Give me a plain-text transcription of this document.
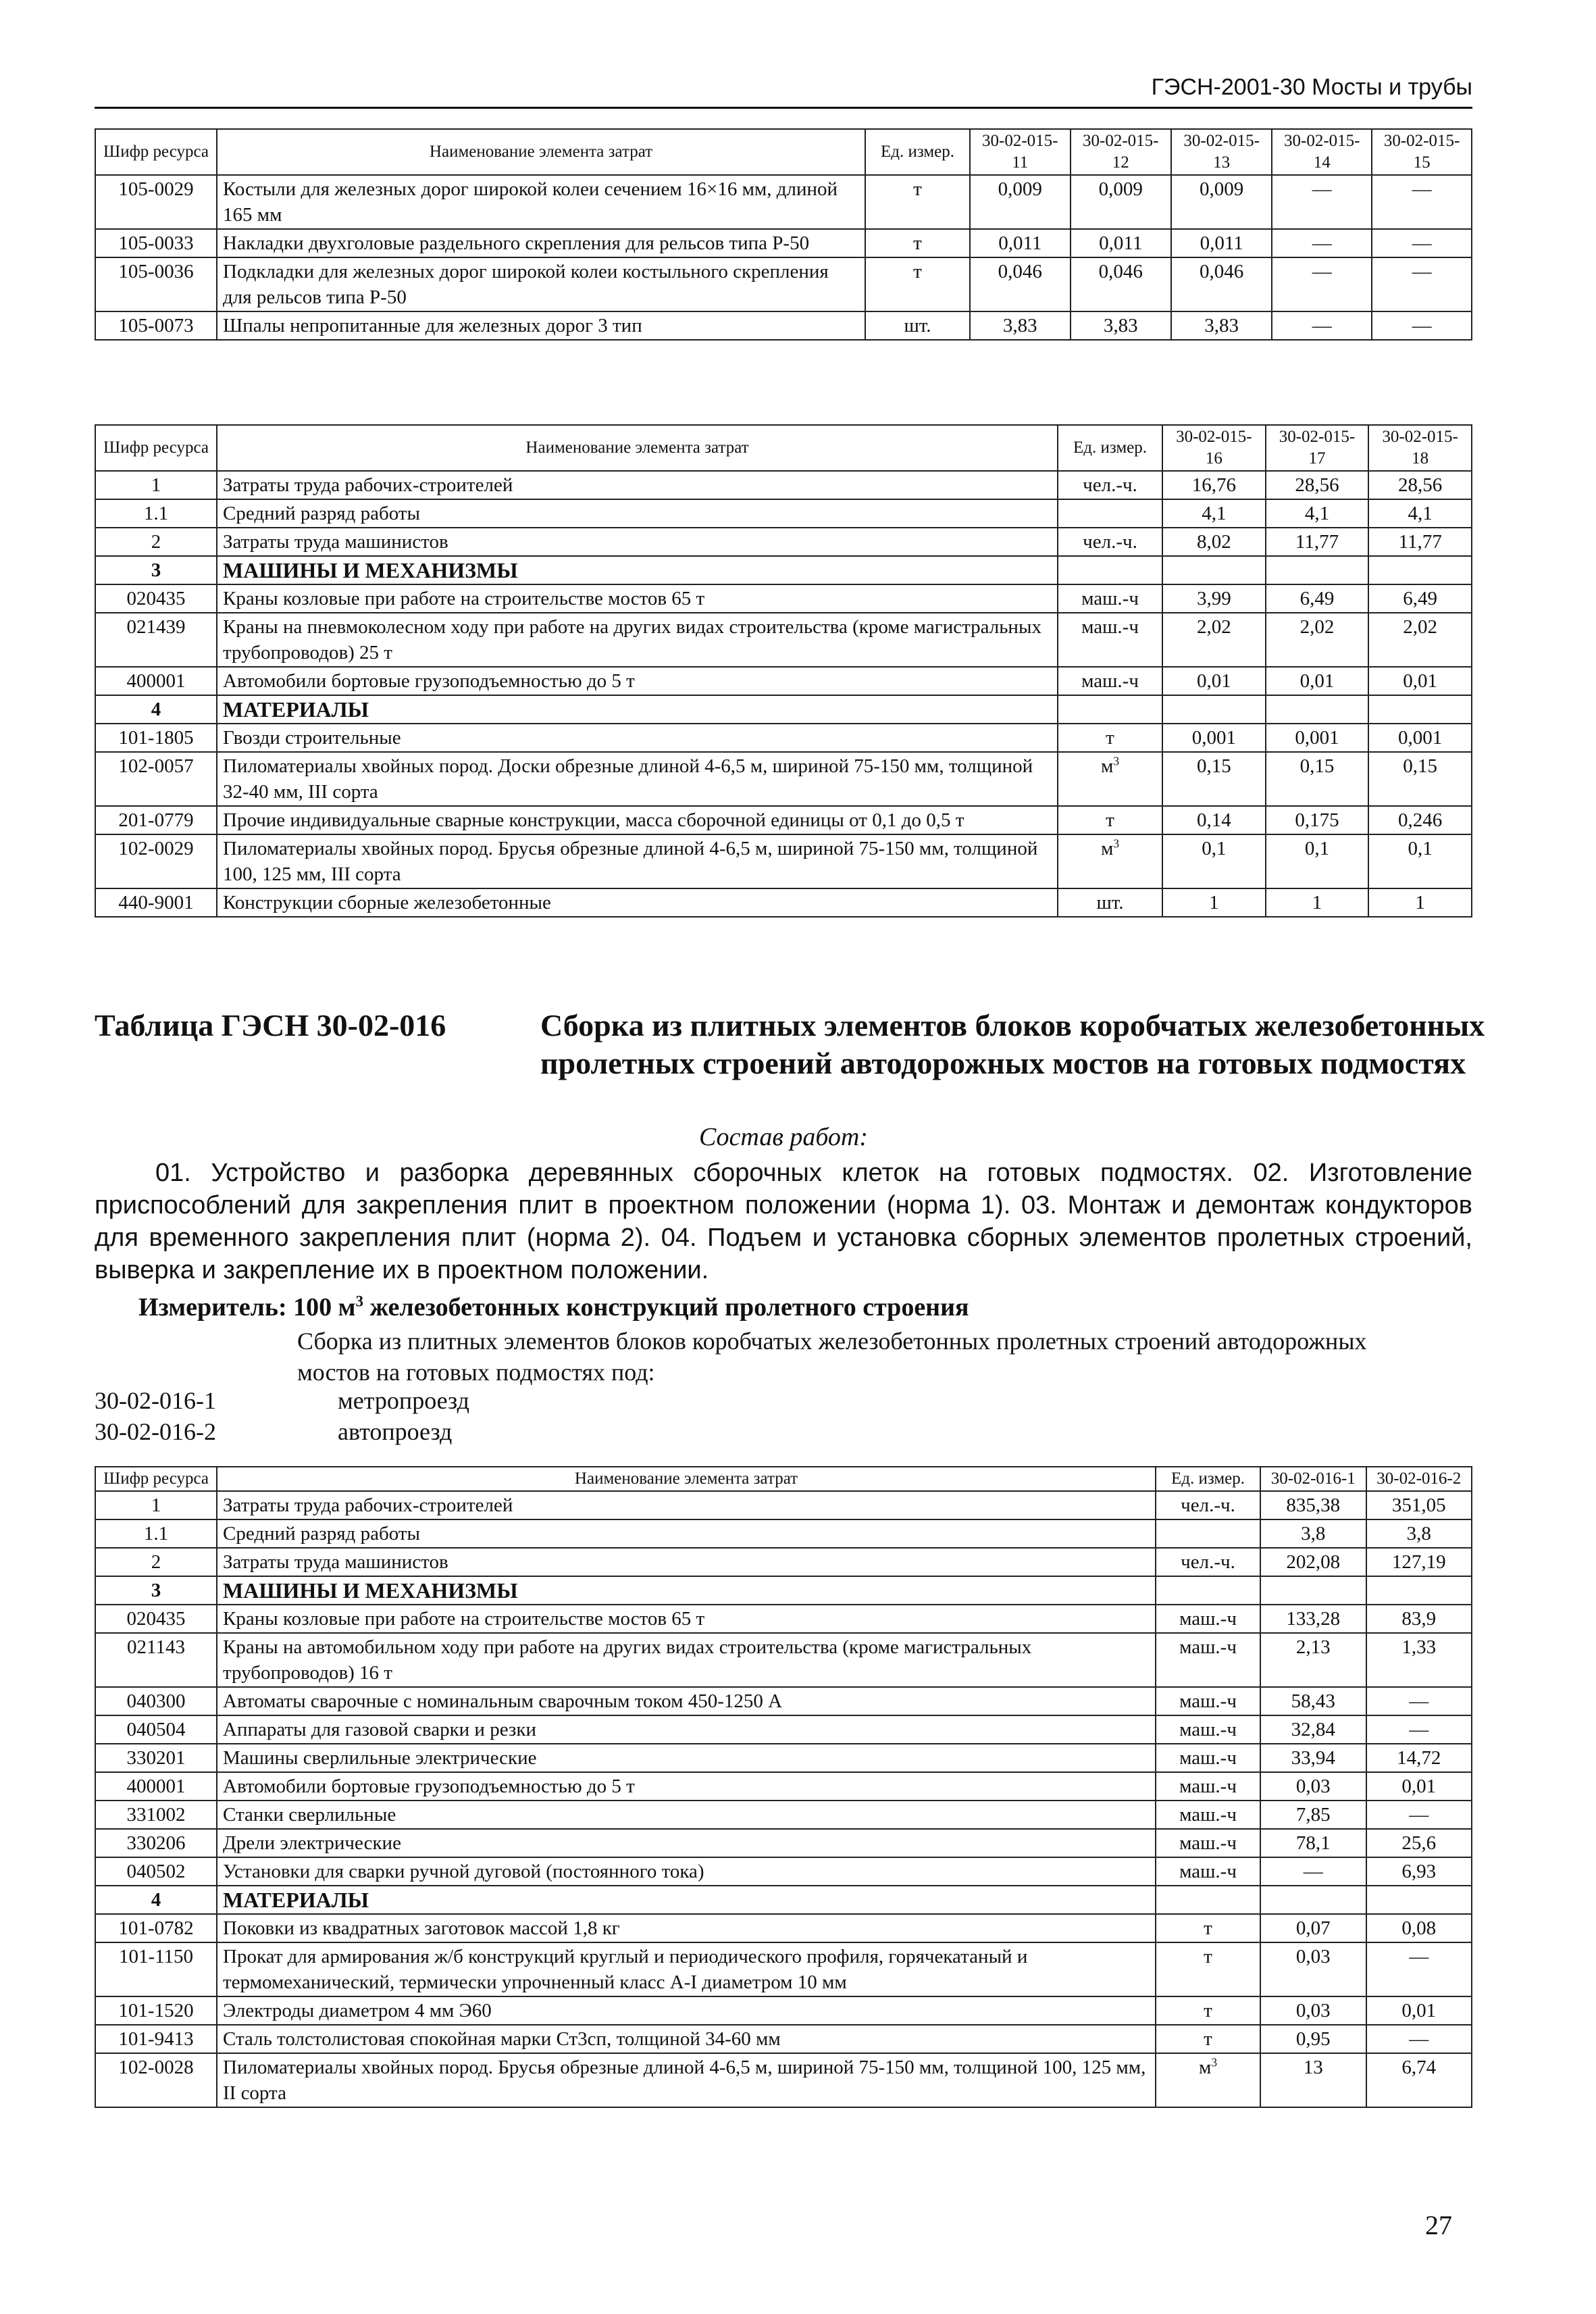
ГЭСН-2001-30 Мосты и трубы
Шифр ресурса	Наименование элемента затрат	Ед. измер.	30-02-015-11	30-02-015-12	30-02-015-13	30-02-015-14	30-02-015-15
105-0029	Костыли для железных дорог широкой колеи сечением 16×16 мм, длиной 165 мм	т	0,009	0,009	0,009	—	—
105-0033	Накладки двухголовые раздельного скрепления для рельсов типа Р-50	т	0,011	0,011	0,011	—	—
105-0036	Подкладки для железных дорог широкой колеи костыльного скрепления для рельсов типа Р-50	т	0,046	0,046	0,046	—	—
105-0073	Шпалы непропитанные для железных дорог 3 тип	шт.	3,83	3,83	3,83	—	—
Шифр ресурса	Наименование элемента затрат	Ед. измер.	30-02-015-16	30-02-015-17	30-02-015-18
1	Затраты труда рабочих-строителей	чел.-ч.	16,76	28,56	28,56
1.1	Средний разряд работы		4,1	4,1	4,1
2	Затраты труда машинистов	чел.-ч.	8,02	11,77	11,77
3	МАШИНЫ И МЕХАНИЗМЫ				
020435	Краны козловые при работе на строительстве мостов 65 т	маш.-ч	3,99	6,49	6,49
021439	Краны на пневмоколесном ходу при работе на других видах строительства (кроме магистральных трубопроводов) 25 т	маш.-ч	2,02	2,02	2,02
400001	Автомобили бортовые грузоподъемностью до 5 т	маш.-ч	0,01	0,01	0,01
4	МАТЕРИАЛЫ				
101-1805	Гвозди строительные	т	0,001	0,001	0,001
102-0057	Пиломатериалы хвойных пород. Доски обрезные длиной 4-6,5 м, шириной 75-150 мм, толщиной 32-40 мм, III сорта	$м^3$	0,15	0,15	0,15
201-0779	Прочие индивидуальные сварные конструкции, масса сборочной единицы от 0,1 до 0,5 т	т	0,14	0,175	0,246
102-0029	Пиломатериалы хвойных пород. Брусья обрезные длиной 4-6,5 м, шириной 75-150 мм, толщиной 100, 125 мм, III сорта	$м^3$	0,1	0,1	0,1
440-9001	Конструкции сборные железобетонные	шт.	1	1	1
Таблица ГЭСН 30-02-016	Сборка из плитных элементов блоков коробчатых железобетонных пролетных строений автодорожных мостов на готовых подмостях
Состав работ:
01. Устройство и разборка деревянных сборочных клеток на готовых подмостях. 02. Изготовление приспособлений для закрепления плит в проектном положении (норма 1). 03. Монтаж и демонтаж кондукторов для временного закрепления плит (норма 2). 04. Подъем и установка сборных элементов пролетных строений, выверка и закрепление их в проектном положении.
Измеритель: 100 $м^3$ железобетонных конструкций пролетного строения
Сборка из плитных элементов блоков коробчатых железобетонных пролетных строений автодорожных мостов на готовых подмостях под:
30-02-016-1	метропроезд
30-02-016-2	автопроезд
Шифр ресурса	Наименование элемента затрат	Ед. измер.	30-02-016-1	30-02-016-2
1	Затраты труда рабочих-строителей	чел.-ч.	835,38	351,05
1.1	Средний разряд работы		3,8	3,8
2	Затраты труда машинистов	чел.-ч.	202,08	127,19
3	МАШИНЫ И МЕХАНИЗМЫ			
020435	Краны козловые при работе на строительстве мостов 65 т	маш.-ч	133,28	83,9
021143	Краны на автомобильном ходу при работе на других видах строительства (кроме магистральных трубопроводов) 16 т	маш.-ч	2,13	1,33
040300	Автоматы сварочные с номинальным сварочным током 450-1250 А	маш.-ч	58,43	—
040504	Аппараты для газовой сварки и резки	маш.-ч	32,84	—
330201	Машины сверлильные электрические	маш.-ч	33,94	14,72
400001	Автомобили бортовые грузоподъемностью до 5 т	маш.-ч	0,03	0,01
331002	Станки сверлильные	маш.-ч	7,85	—
330206	Дрели электрические	маш.-ч	78,1	25,6
040502	Установки для сварки ручной дуговой (постоянного тока)	маш.-ч	—	6,93
4	МАТЕРИАЛЫ			
101-0782	Поковки из квадратных заготовок массой 1,8 кг	т	0,07	0,08
101-1150	Прокат для армирования ж/б конструкций круглый и периодического профиля, горячекатаный и термомеханический, термически упрочненный класс А-I диаметром 10 мм	т	0,03	—
101-1520	Электроды диаметром 4 мм Э60	т	0,03	0,01
101-9413	Сталь толстолистовая спокойная марки Ст3сп, толщиной 34-60 мм	т	0,95	—
102-0028	Пиломатериалы хвойных пород. Брусья обрезные длиной 4-6,5 м, шириной 75-150 мм, толщиной 100, 125 мм, II сорта	$м^3$	13	6,74
27
